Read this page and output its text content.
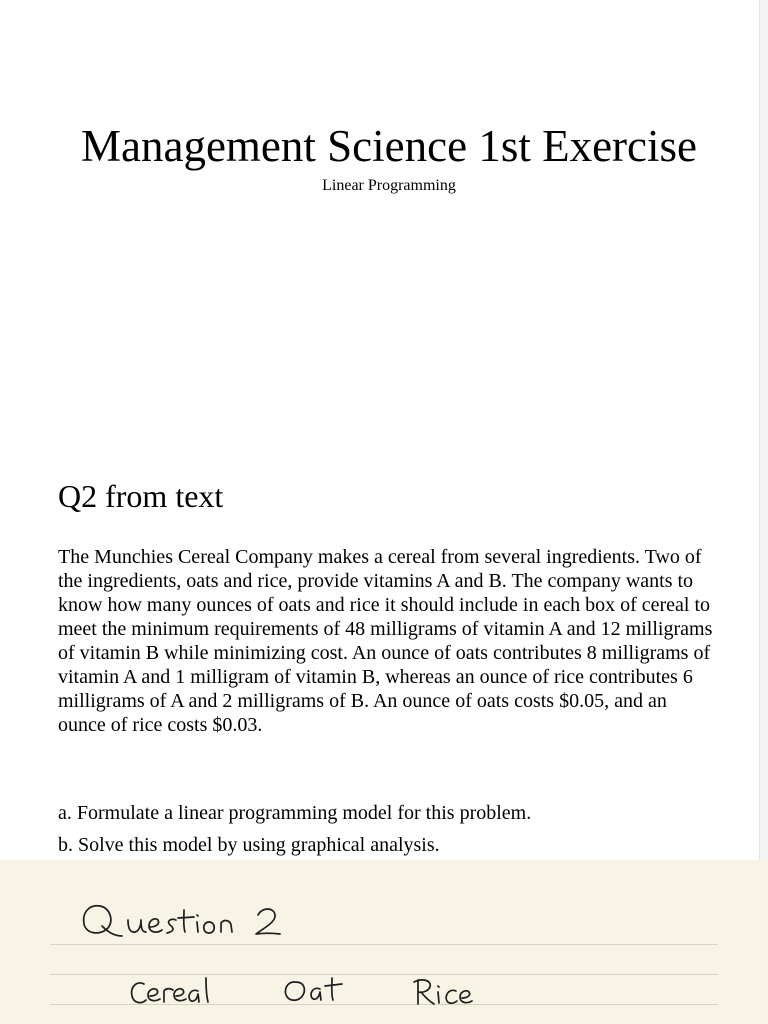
Management Science 1st Exercise
Linear Programming
Q2 from text

The Munchies Cereal Company makes a cereal from several ingredients. Two of the ingredients, oats and rice, provide vitamins A and B. The company wants to know how many ounces of oats and rice it should include in each box of cereal to meet the minimum requirements of 48 milligrams of vitamin A and 12 milligrams of vitamin B while minimizing cost. An ounce of oats contributes 8 milligrams of vitamin A and 1 milligram of vitamin B, whereas an ounce of rice contributes 6 milligrams of A and 2 milligrams of B. An ounce of oats costs $0.05, and an ounce of rice costs $0.03.

a. Formulate a linear programming model for this problem.

b. Solve this model by using graphical analysis.
